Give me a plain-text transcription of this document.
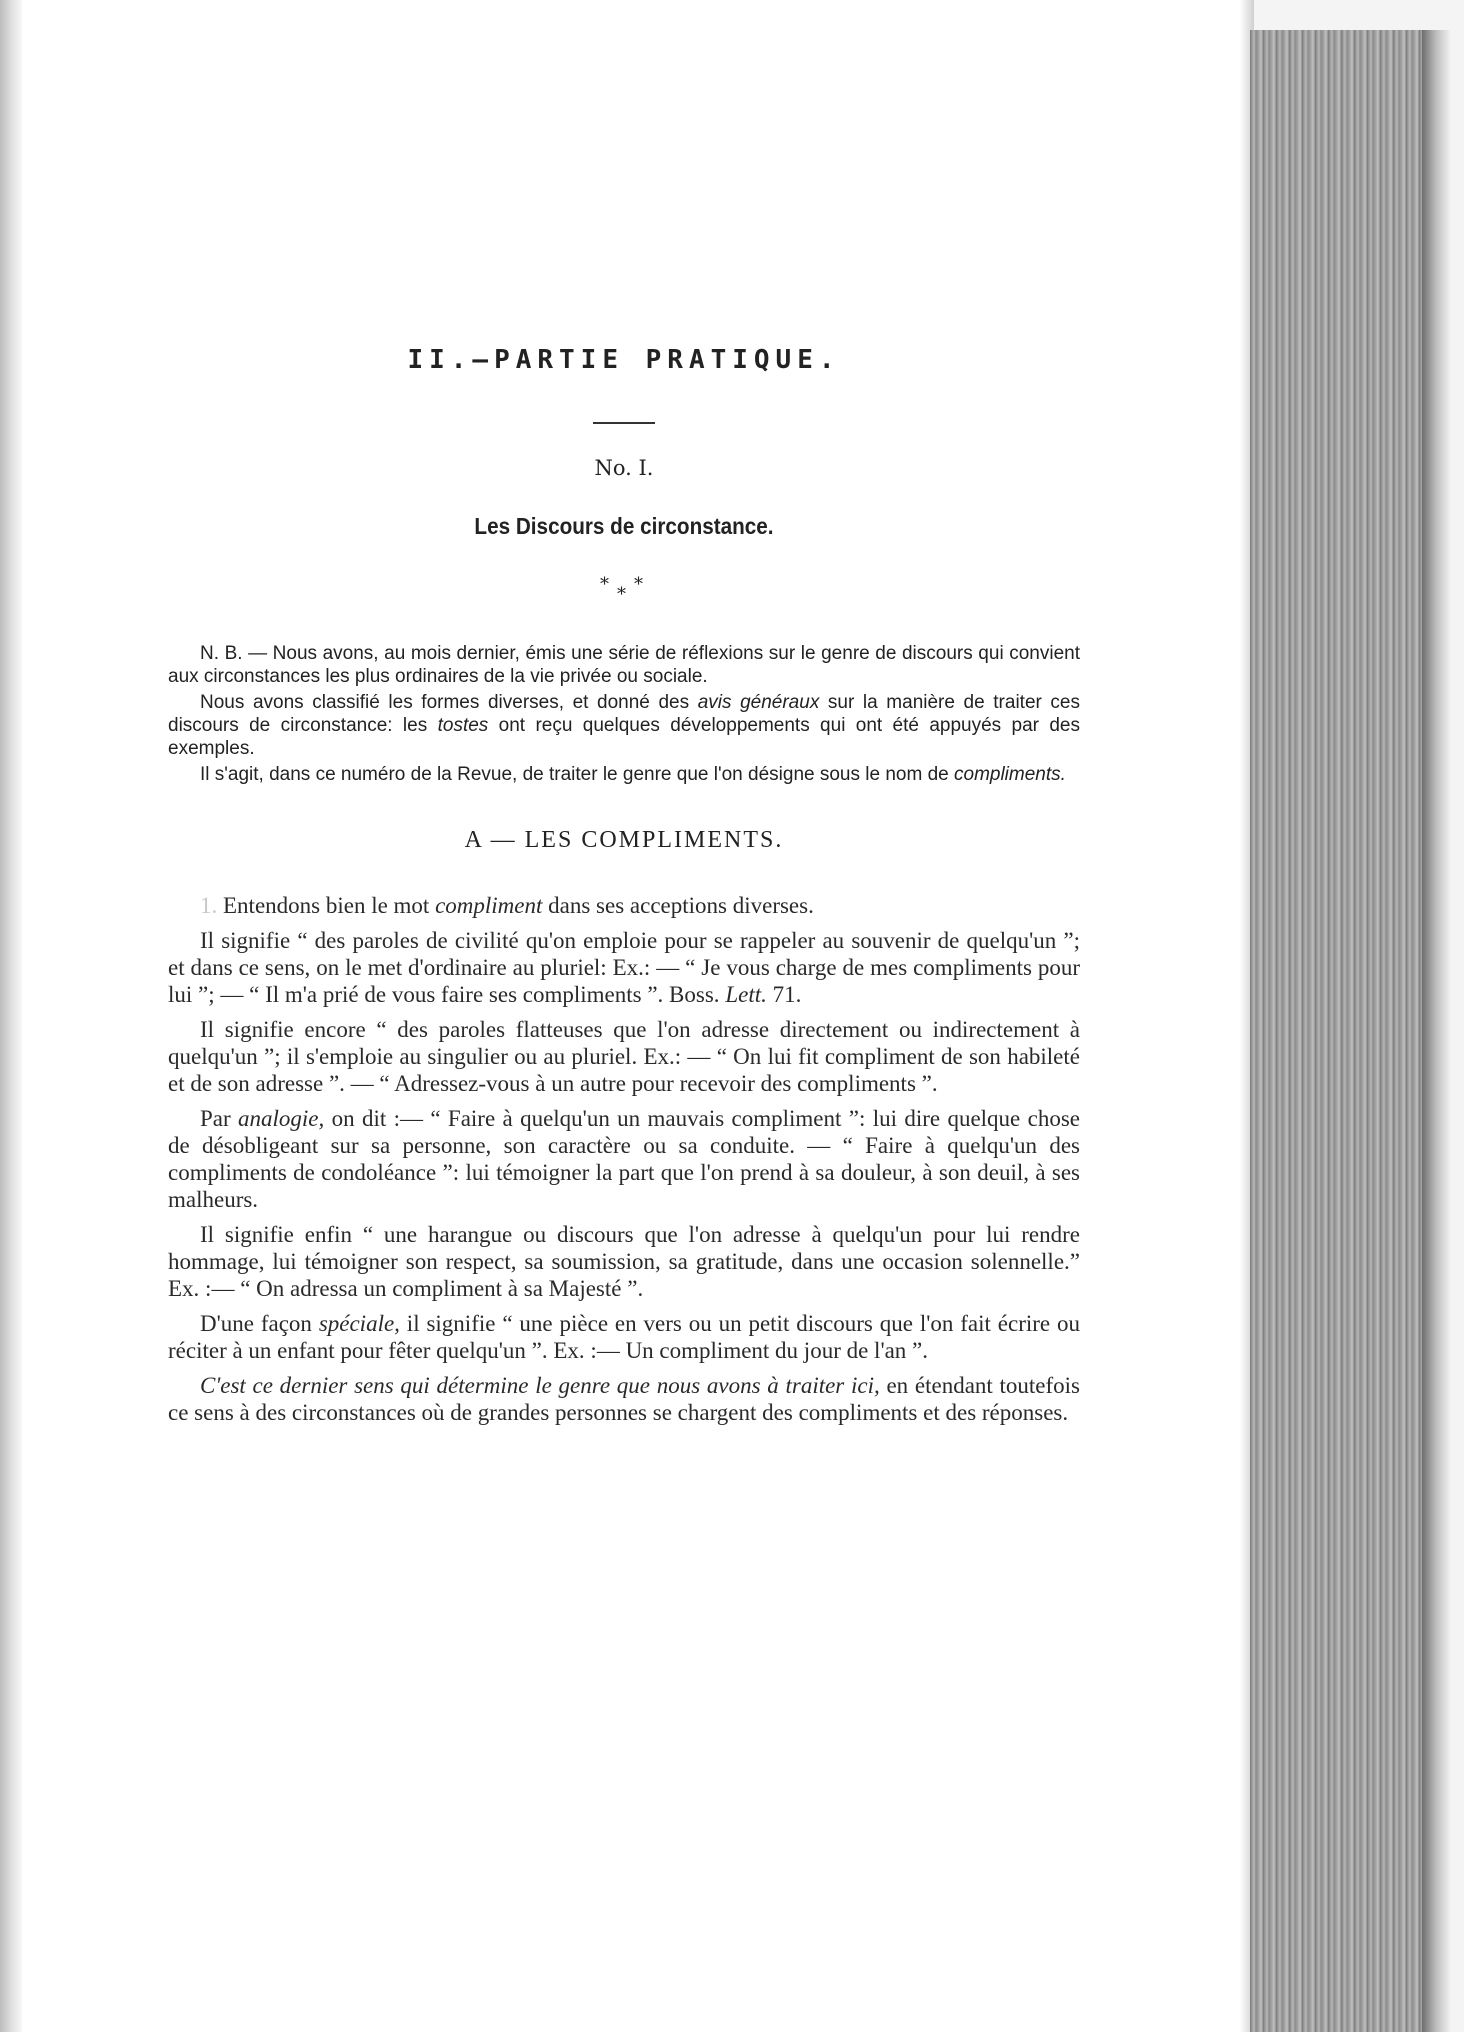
II.—PARTIE PRATIQUE.
No. I.
Les Discours de circonstance.
* * *

N. B. — Nous avons, au mois dernier, émis une série de réflexions sur le genre de discours qui convient aux circonstances les plus ordinaires de la vie privée ou sociale.

Nous avons classifié les formes diverses, et donné des avis généraux sur la manière de traiter ces discours de circonstance: les tostes ont reçu quelques développements qui ont été appuyés par des exemples.

Il s'agit, dans ce numéro de la Revue, de traiter le genre que l'on désigne sous le nom de compliments.

A — LES COMPLIMENTS.

1. Entendons bien le mot compliment dans ses acceptions diverses.

Il signifie “ des paroles de civilité qu'on emploie pour se rappeler au souvenir de quelqu'un ”; et dans ce sens, on le met d'ordinaire au pluriel: Ex.: — “ Je vous charge de mes compliments pour lui ”; — “ Il m'a prié de vous faire ses compliments ”. Boss. Lett. 71.

Il signifie encore “ des paroles flatteuses que l'on adresse directement ou indirectement à quelqu'un ”; il s'emploie au singulier ou au pluriel. Ex.: — “ On lui fit compliment de son habileté et de son adresse ”. — “ Adressez-vous à un autre pour recevoir des compliments ”.

Par analogie, on dit :— “ Faire à quelqu'un un mauvais compliment ”: lui dire quelque chose de désobligeant sur sa personne, son caractère ou sa conduite. — “ Faire à quelqu'un des compliments de condoléance ”: lui témoigner la part que l'on prend à sa douleur, à son deuil, à ses malheurs.

Il signifie enfin “ une harangue ou discours que l'on adresse à quelqu'un pour lui rendre hommage, lui témoigner son respect, sa soumission, sa gratitude, dans une occasion solennelle.” Ex. :— “ On adressa un compliment à sa Majesté ”.

D'une façon spéciale, il signifie “ une pièce en vers ou un petit discours que l'on fait écrire ou réciter à un enfant pour fêter quelqu'un ”. Ex. :— Un compliment du jour de l'an ”.

C'est ce dernier sens qui détermine le genre que nous avons à traiter ici, en étendant toutefois ce sens à des circonstances où de grandes personnes se chargent des compliments et des réponses.
